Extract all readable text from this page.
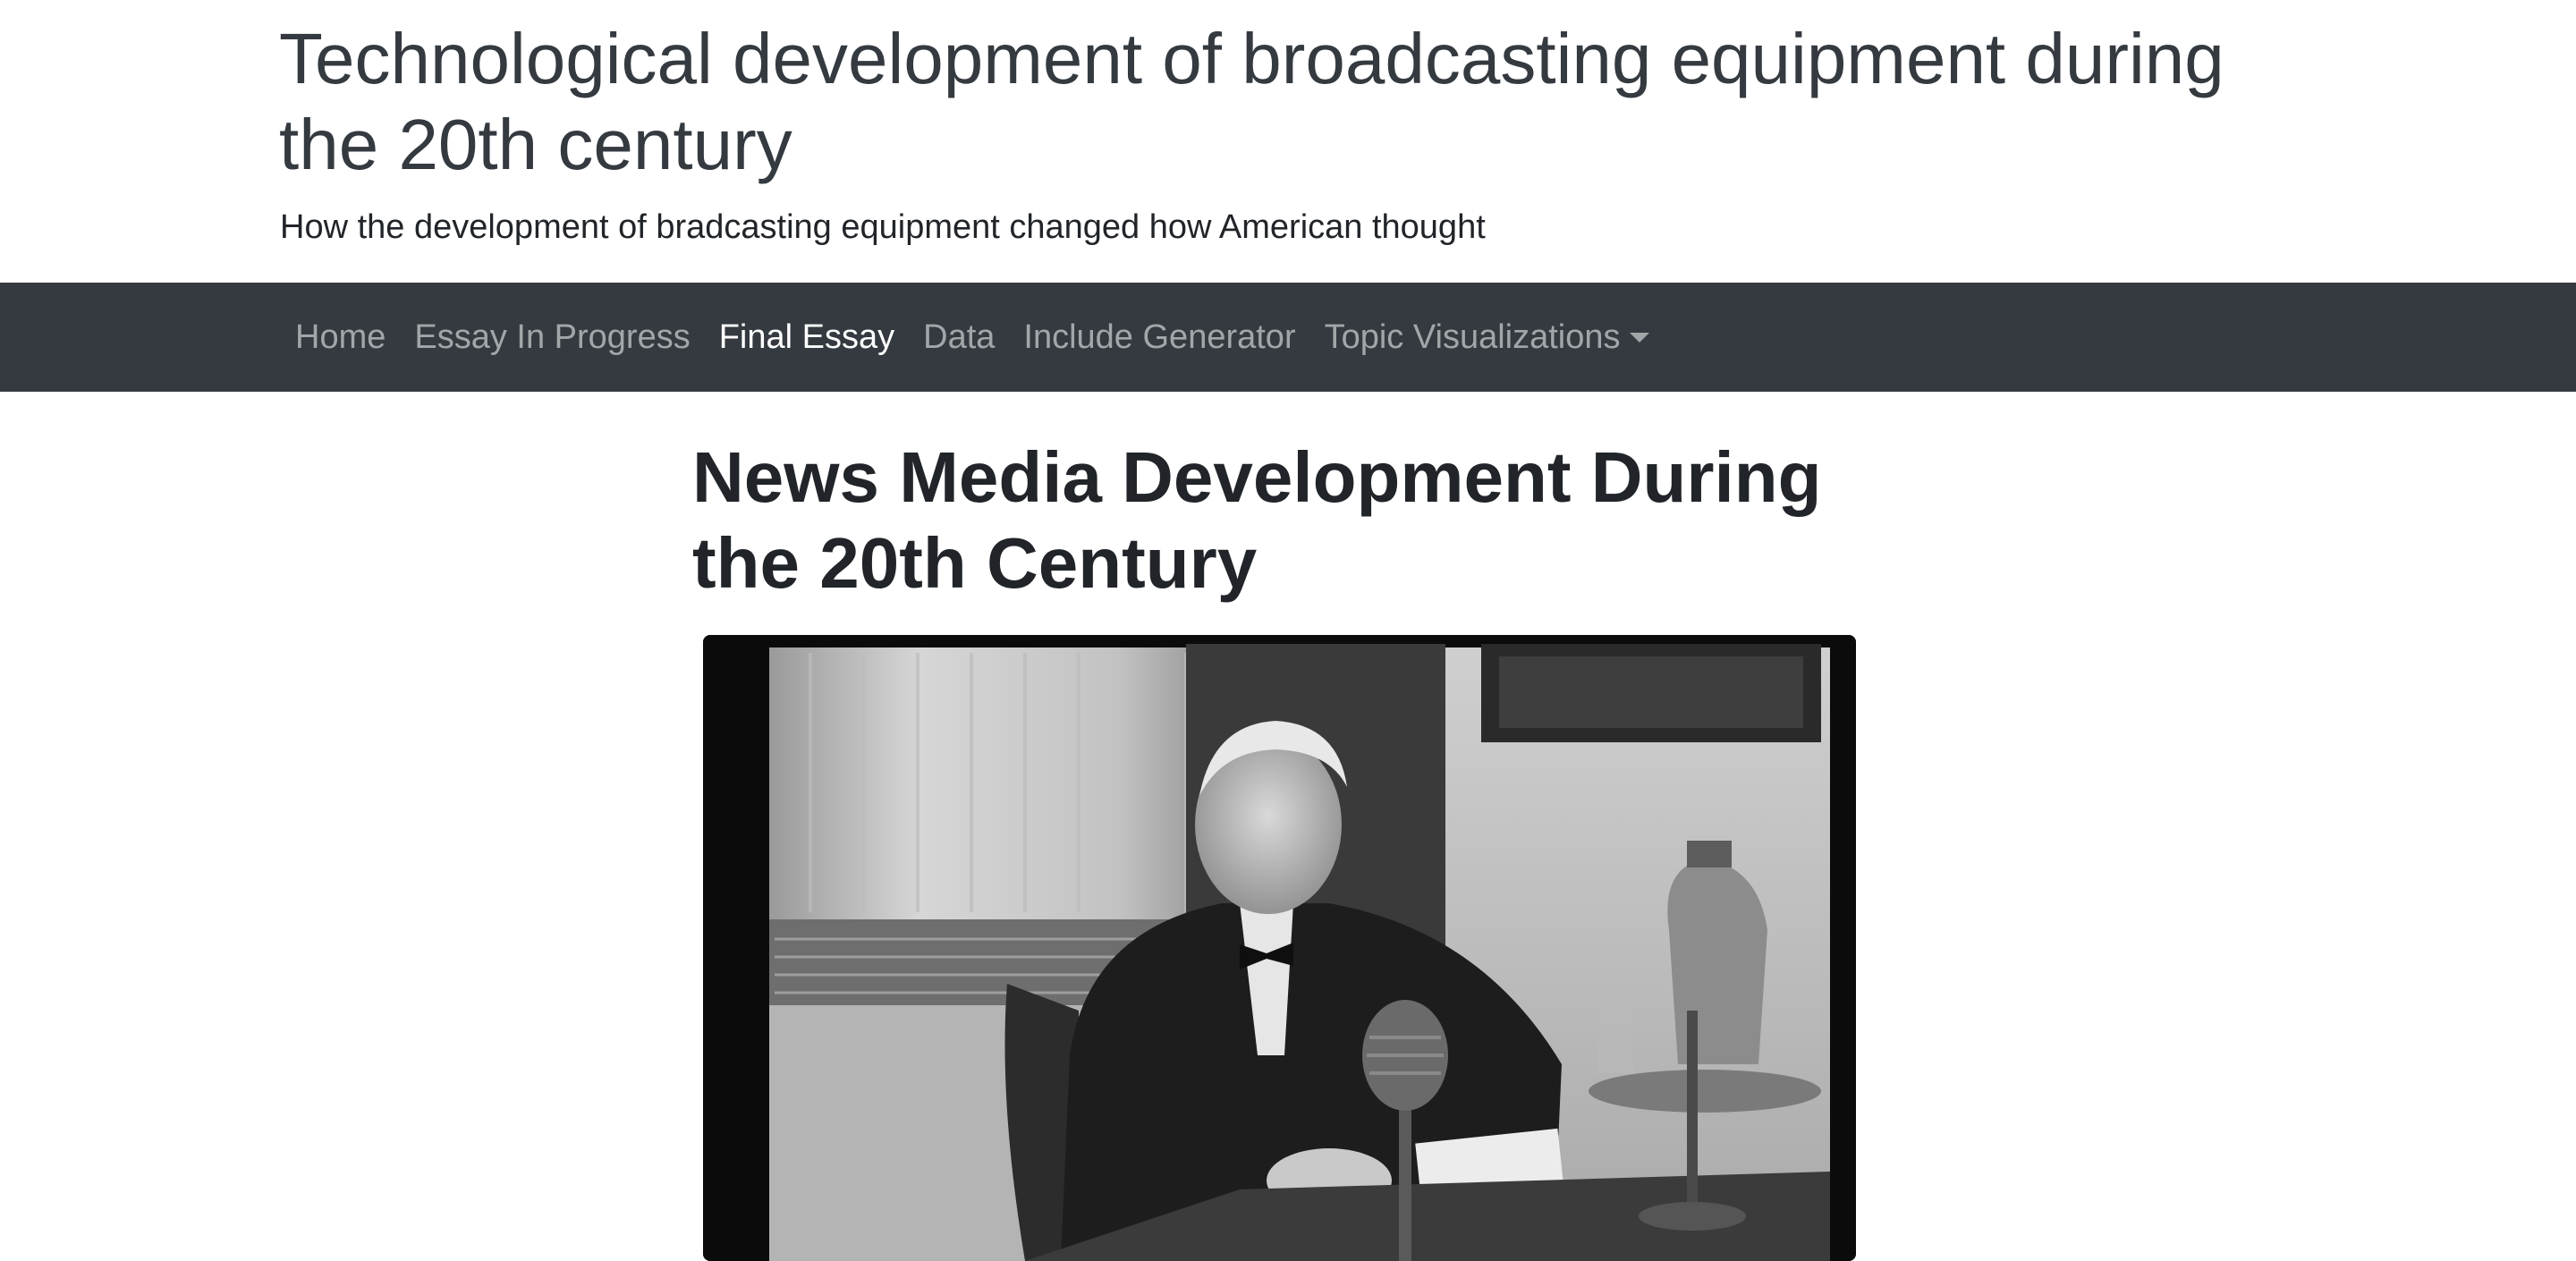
Technological development of broadcasting equipment during the 20th century

How the development of bradcasting equipment changed how American thought

Home Essay In Progress Final Essay Data Include Generator Topic Visualizations
News Media Development During the 20th Century
